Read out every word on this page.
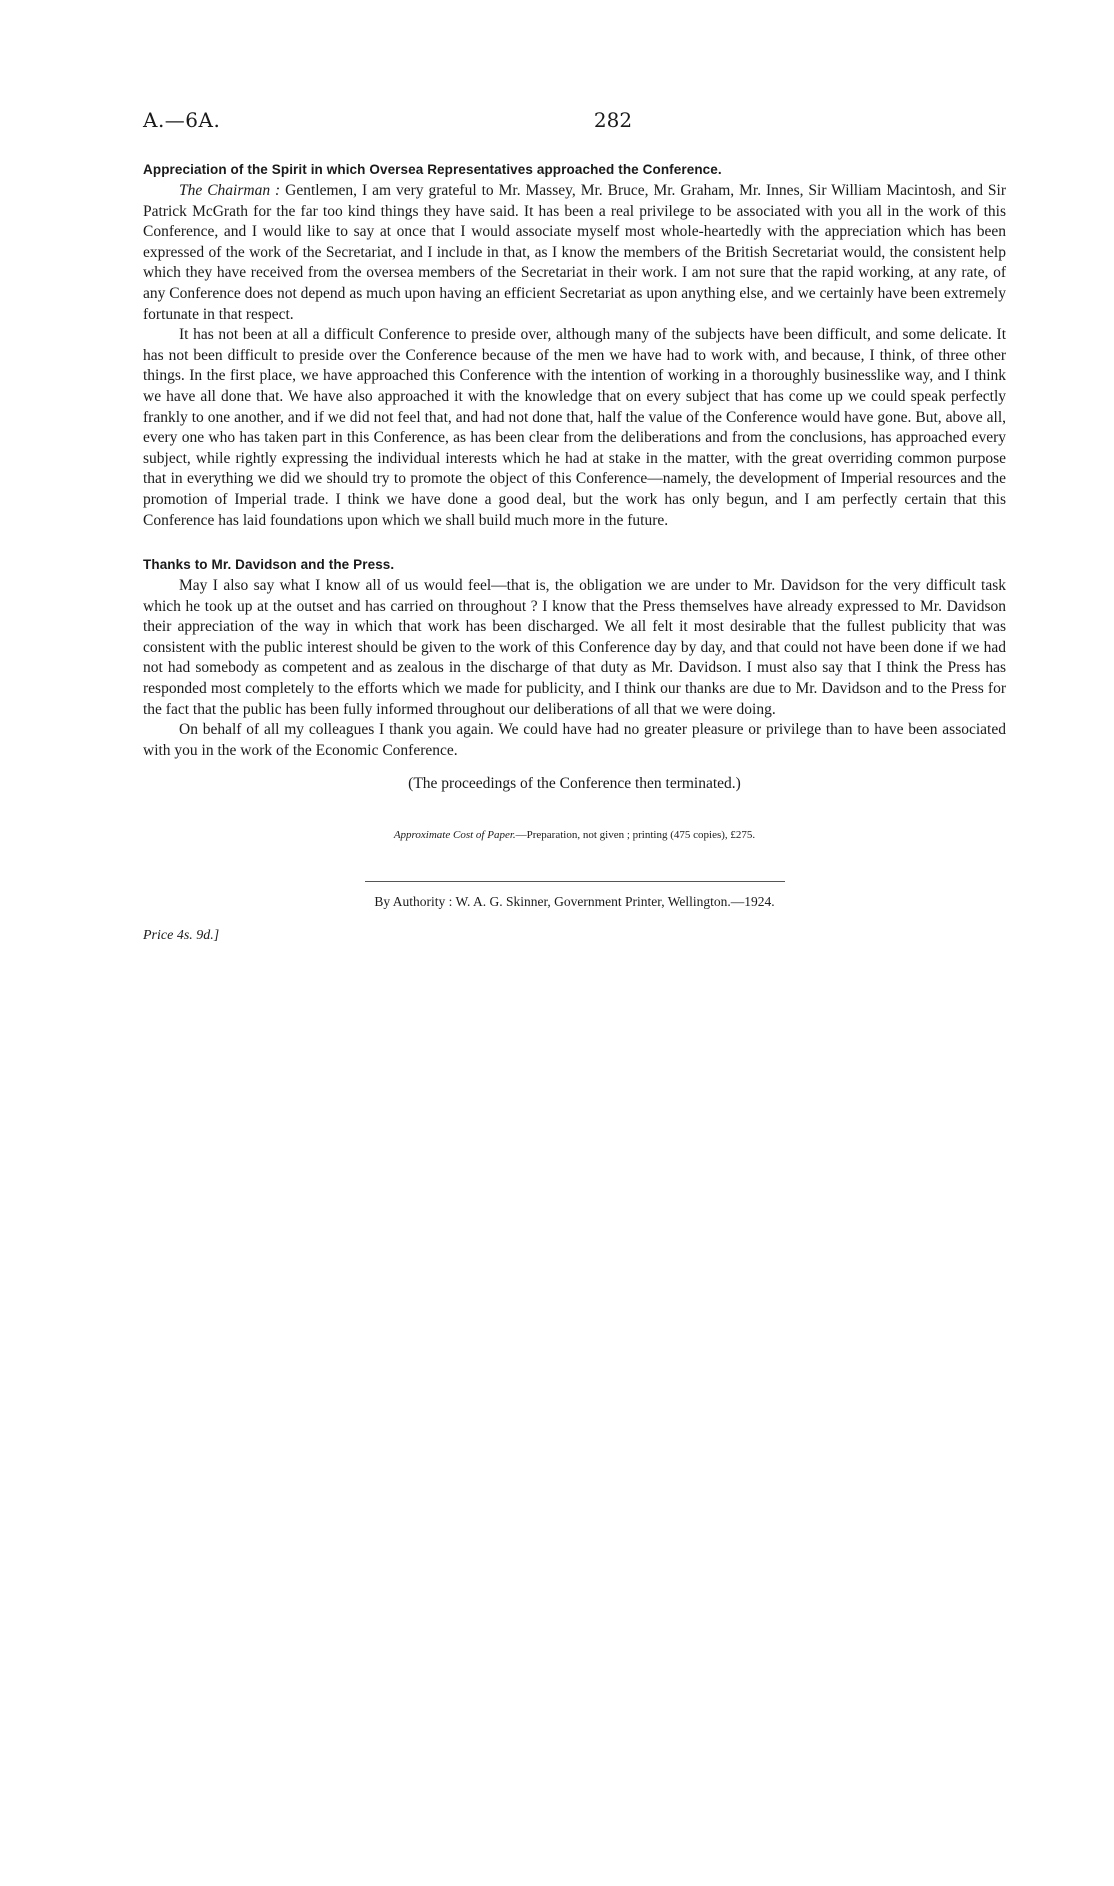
A.—6A.	282
Appreciation of the Spirit in which Oversea Representatives approached the Conference.

The Chairman : Gentlemen, I am very grateful to Mr. Massey, Mr. Bruce, Mr. Graham, Mr. Innes, Sir William Macintosh, and Sir Patrick McGrath for the far too kind things they have said. It has been a real privilege to be associated with you all in the work of this Conference, and I would like to say at once that I would associate myself most whole-heartedly with the appreciation which has been expressed of the work of the Secretariat, and I include in that, as I know the members of the British Secretariat would, the consistent help which they have received from the oversea members of the Secretariat in their work. I am not sure that the rapid working, at any rate, of any Conference does not depend as much upon having an efficient Secretariat as upon anything else, and we certainly have been extremely fortunate in that respect.

It has not been at all a difficult Conference to preside over, although many of the subjects have been difficult, and some delicate. It has not been difficult to preside over the Conference because of the men we have had to work with, and because, I think, of three other things. In the first place, we have approached this Conference with the intention of working in a thoroughly businesslike way, and I think we have all done that. We have also approached it with the knowledge that on every subject that has come up we could speak perfectly frankly to one another, and if we did not feel that, and had not done that, half the value of the Conference would have gone. But, above all, every one who has taken part in this Conference, as has been clear from the deliberations and from the conclusions, has approached every subject, while rightly expressing the individual interests which he had at stake in the matter, with the great overriding common purpose that in everything we did we should try to promote the object of this Conference—namely, the development of Imperial resources and the promotion of Imperial trade. I think we have done a good deal, but the work has only begun, and I am perfectly certain that this Conference has laid foundations upon which we shall build much more in the future.

Thanks to Mr. Davidson and the Press.

May I also say what I know all of us would feel—that is, the obligation we are under to Mr. Davidson for the very difficult task which he took up at the outset and has carried on throughout ? I know that the Press themselves have already expressed to Mr. Davidson their appreciation of the way in which that work has been discharged. We all felt it most desirable that the fullest publicity that was consistent with the public interest should be given to the work of this Conference day by day, and that could not have been done if we had not had somebody as competent and as zealous in the discharge of that duty as Mr. Davidson. I must also say that I think the Press has responded most completely to the efforts which we made for publicity, and I think our thanks are due to Mr. Davidson and to the Press for the fact that the public has been fully informed throughout our deliberations of all that we were doing.

On behalf of all my colleagues I thank you again. We could have had no greater pleasure or privilege than to have been associated with you in the work of the Economic Conference.

(The proceedings of the Conference then terminated.)

Approximate Cost of Paper.—Preparation, not given ; printing (475 copies), £275.
By Authority : W. A. G. Skinner, Government Printer, Wellington.—1924.
Price 4s. 9d.]
